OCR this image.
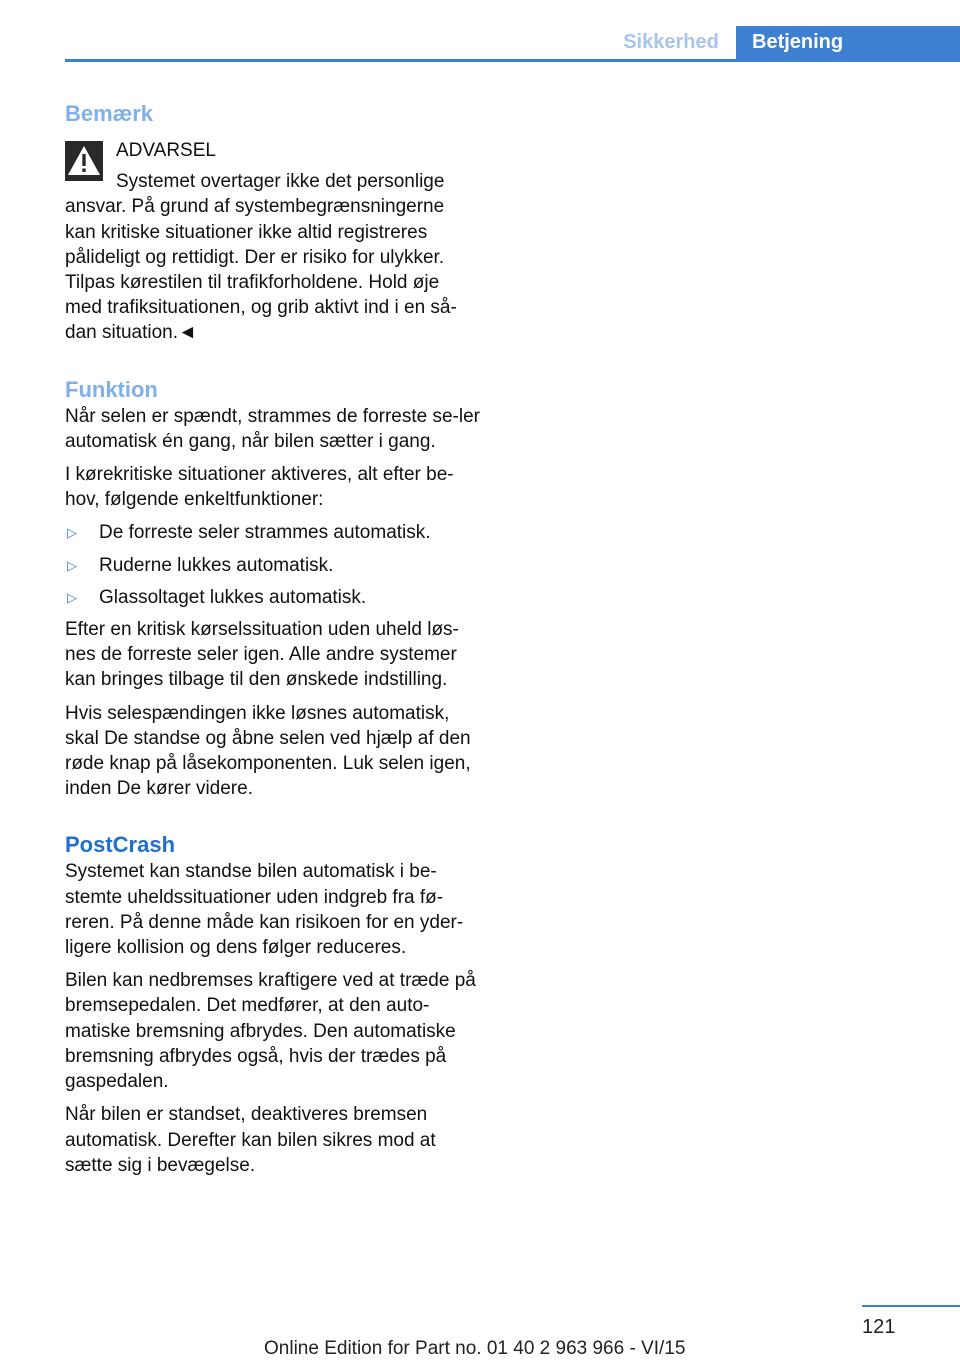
Sikkerhed	Betjening
Bemærk

ADVARSEL

Systemet overtager ikke det personlige

ansvar. På grund af systembegrænsningerne kan kritiske situationer ikke altid registreres pålideligt og rettidigt. Der er risiko for ulykker. Tilpas kørestilen til trafikforholdene. Hold øje med trafiksituationen, og grib aktivt ind i en så-dan situation.◄

Funktion

Når selen er spændt, strammes de forreste se-ler automatisk én gang, når bilen sætter i gang.

I kørekritiske situationer aktiveres, alt efter be-hov, følgende enkeltfunktioner:

▷ De forreste seler strammes automatisk.
▷ Ruderne lukkes automatisk.
▷ Glassoltaget lukkes automatisk.

Efter en kritisk kørselssituation uden uheld løs-nes de forreste seler igen. Alle andre systemer kan bringes tilbage til den ønskede indstilling.

Hvis selespændingen ikke løsnes automatisk, skal De standse og åbne selen ved hjælp af den røde knap på låsekomponenten. Luk selen igen, inden De kører videre.

PostCrash

Systemet kan standse bilen automatisk i be-stemte uheldssituationer uden indgreb fra fø-reren. På denne måde kan risikoen for en yder-ligere kollision og dens følger reduceres.

Bilen kan nedbremses kraftigere ved at træde på bremsepedalen. Det medfører, at den auto-matiske bremsning afbrydes. Den automatiske bremsning afbrydes også, hvis der trædes på gaspedalen.

Når bilen er standset, deaktiveres bremsen automatisk. Derefter kan bilen sikres mod at sætte sig i bevægelse.

121
Online Edition for Part no. 01 40 2 963 966 - VI/15
